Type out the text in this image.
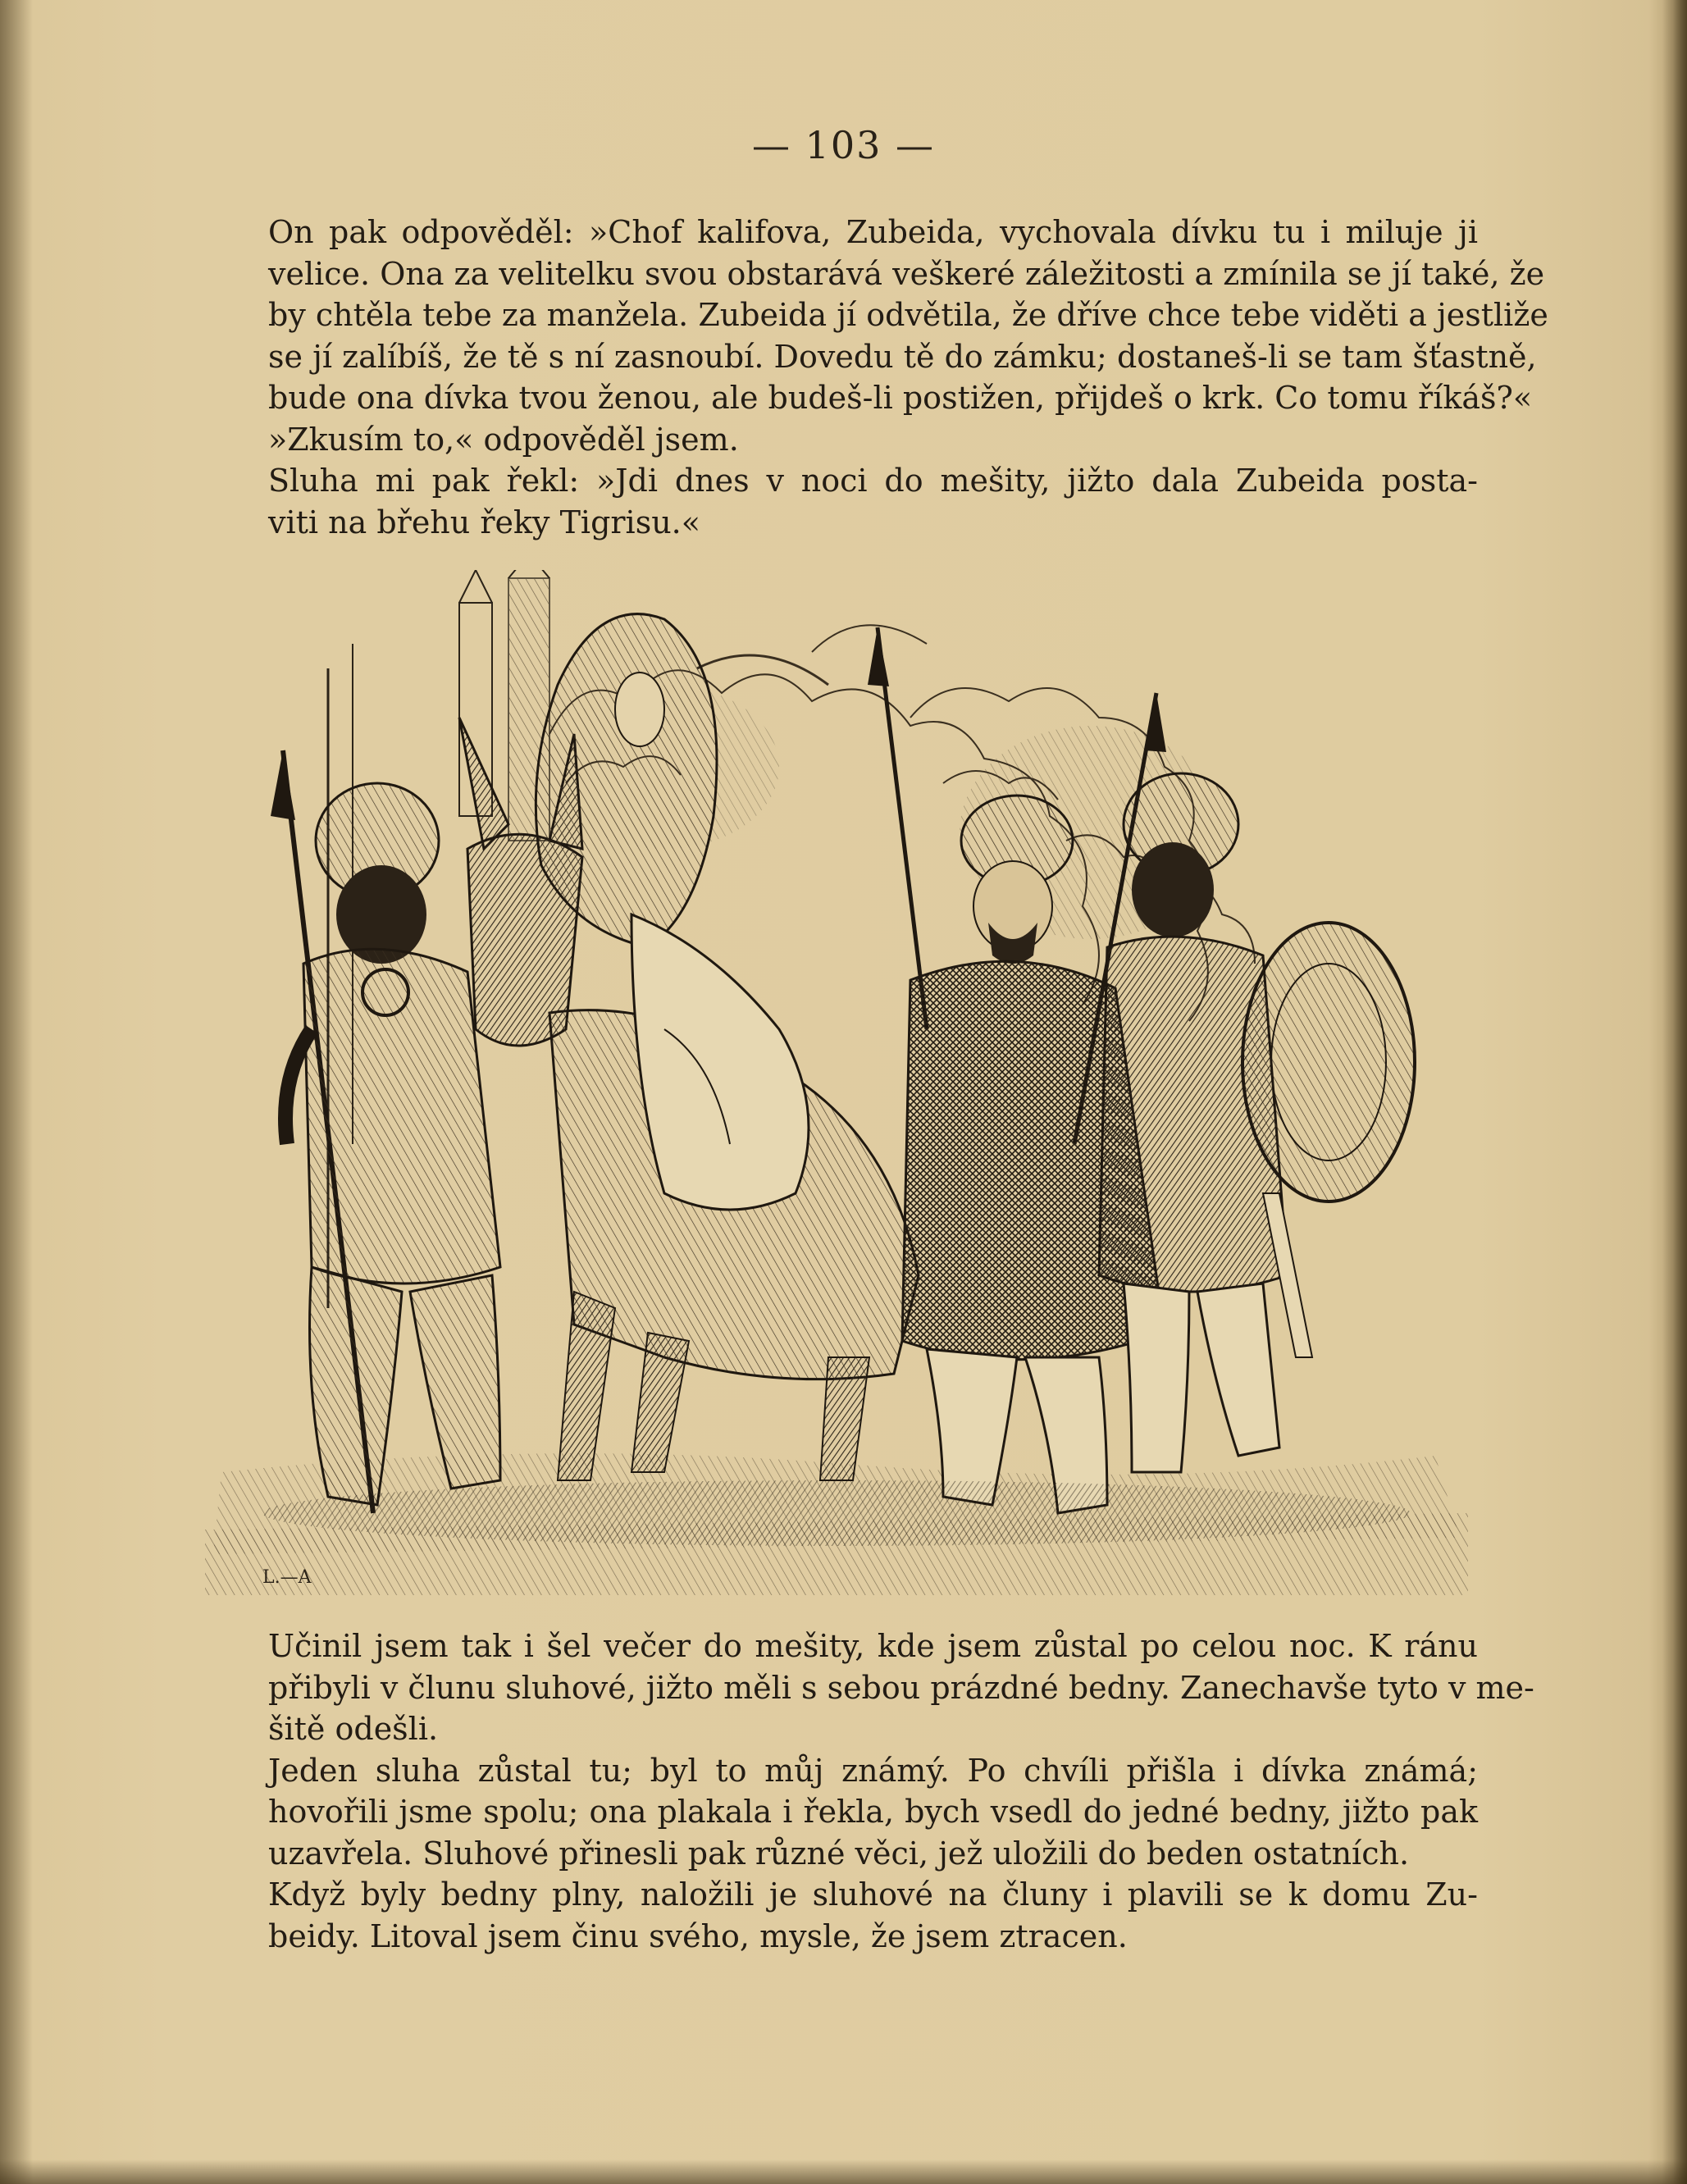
— 103 —

On pak odpověděl: »Chof kalifova, Zubeida, vychovala dívku tu i miluje ji
velice. Ona za velitelku svou obstarává veškeré záležitosti a zmínila se jí také, že
by chtěla tebe za manžela. Zubeida jí odvětila, že dříve chce tebe viděti a jestliže
se jí zalíbíš, že tě s ní zasnoubí. Dovedu tě do zámku; dostaneš-li se tam šťastně,
bude ona dívka tvou ženou, ale budeš-li postižen, přijdeš o krk. Co tomu říkáš?«

»Zkusím to,« odpověděl jsem.

Sluha mi pak řekl: »Jdi dnes v noci do mešity, jižto dala Zubeida posta-
viti na břehu řeky Tigrisu.«

L.—A

Učinil jsem tak i šel večer do mešity, kde jsem zůstal po celou noc. K ránu
přibyli v člunu sluhové, jižto měli s sebou prázdné bedny. Zanechavše tyto v me-
šitě odešli.

Jeden sluha zůstal tu; byl to můj známý. Po chvíli přišla i dívka známá;
hovořili jsme spolu; ona plakala i řekla, bych vsedl do jedné bedny, jižto pak
uzavřela. Sluhové přinesli pak různé věci, jež uložili do beden ostatních.

Když byly bedny plny, naložili je sluhové na čluny i plavili se k domu Zu-
beidy. Litoval jsem činu svého, mysle, že jsem ztracen.
